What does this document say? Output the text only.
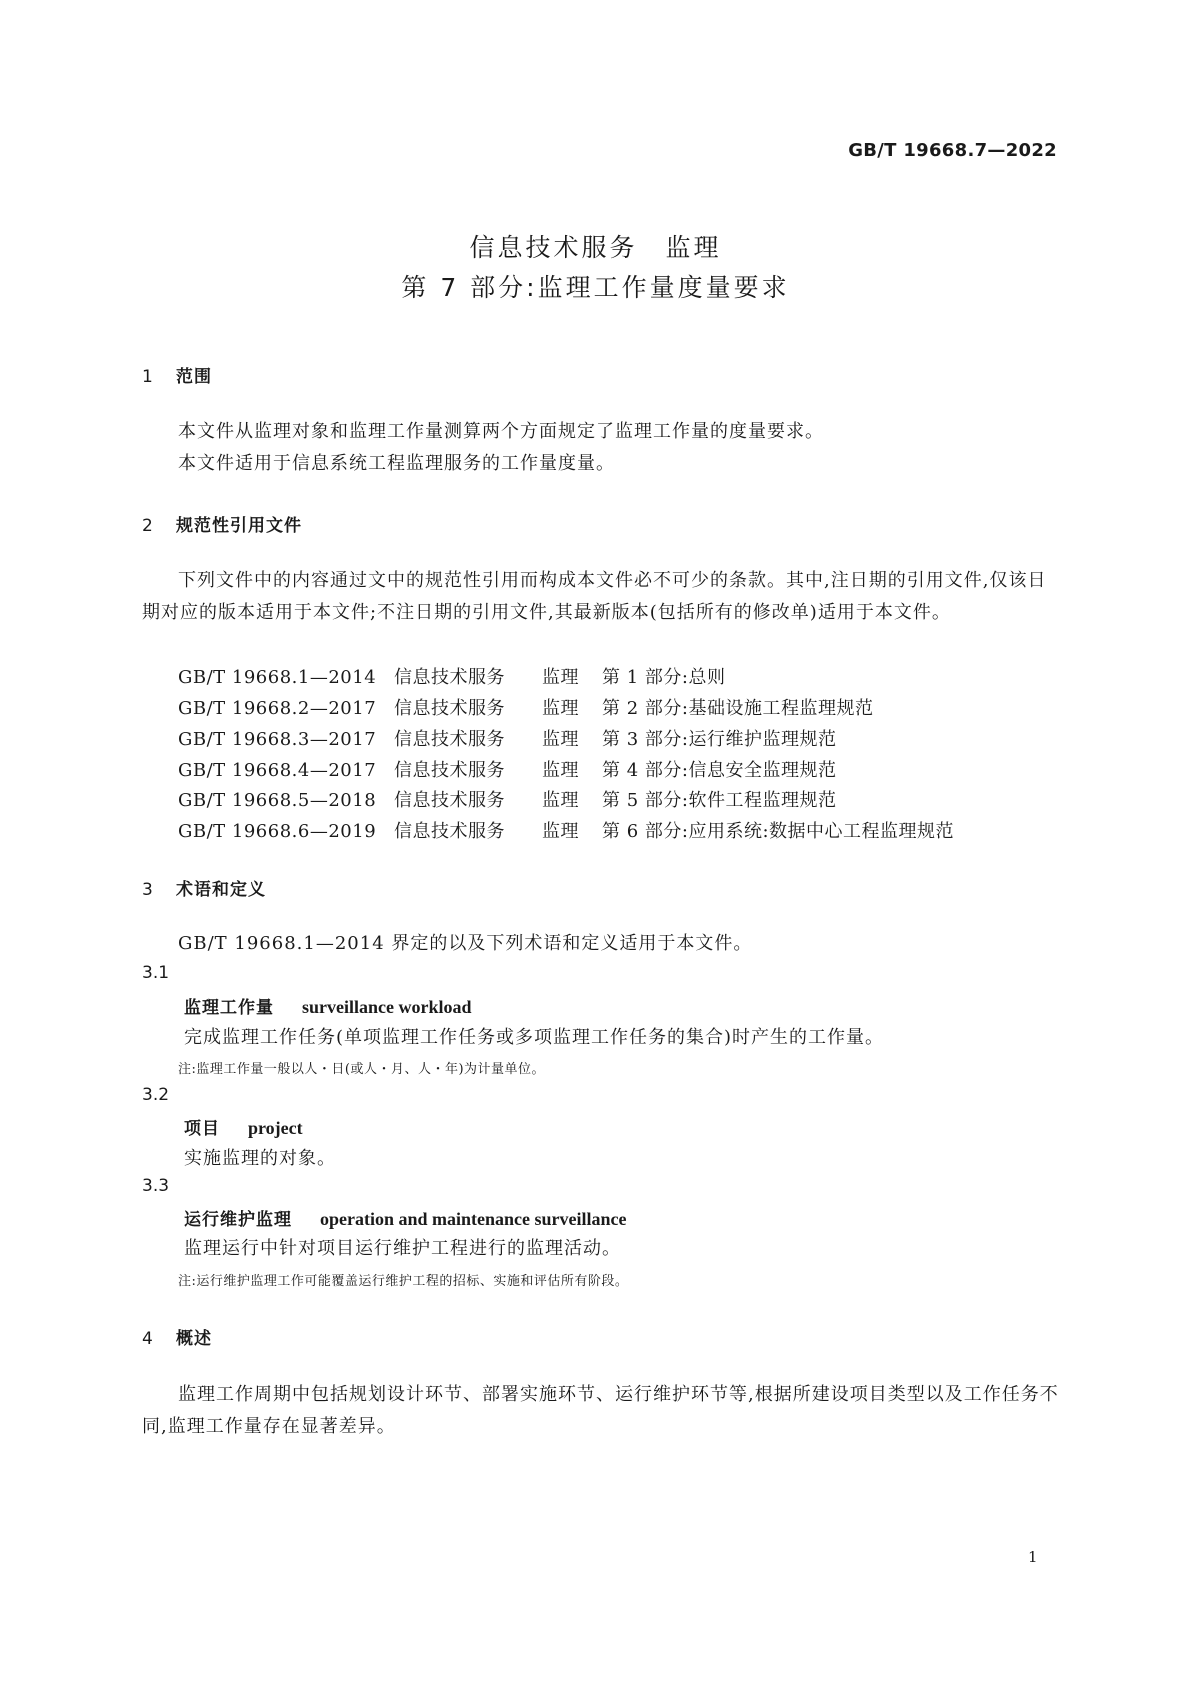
GB/T 19668.7—2022
信息技术服务　监理
第 7 部分:监理工作量度量要求
1 范围
本文件从监理对象和监理工作量测算两个方面规定了监理工作量的度量要求。
本文件适用于信息系统工程监理服务的工作量度量。
2 规范性引用文件
下列文件中的内容通过文中的规范性引用而构成本文件必不可少的条款。其中,注日期的引用文件,仅该日期对应的版本适用于本文件;不注日期的引用文件,其最新版本(包括所有的修改单)适用于本文件。
GB/T 19668.1—2014 信息技术服务 监理 第 1 部分:总则
GB/T 19668.2—2017 信息技术服务 监理 第 2 部分:基础设施工程监理规范
GB/T 19668.3—2017 信息技术服务 监理 第 3 部分:运行维护监理规范
GB/T 19668.4—2017 信息技术服务 监理 第 4 部分:信息安全监理规范
GB/T 19668.5—2018 信息技术服务 监理 第 5 部分:软件工程监理规范
GB/T 19668.6—2019 信息技术服务 监理 第 6 部分:应用系统:数据中心工程监理规范
3 术语和定义
GB/T 19668.1—2014 界定的以及下列术语和定义适用于本文件。
3.1
监理工作量 surveillance workload
完成监理工作任务(单项监理工作任务或多项监理工作任务的集合)时产生的工作量。
注:监理工作量一般以人・日(或人・月、人・年)为计量单位。
3.2
项目 project
实施监理的对象。
3.3
运行维护监理 operation and maintenance surveillance
监理运行中针对项目运行维护工程进行的监理活动。
注:运行维护监理工作可能覆盖运行维护工程的招标、实施和评估所有阶段。
4 概述
监理工作周期中包括规划设计环节、部署实施环节、运行维护环节等,根据所建设项目类型以及工作任务不同,监理工作量存在显著差异。
1
